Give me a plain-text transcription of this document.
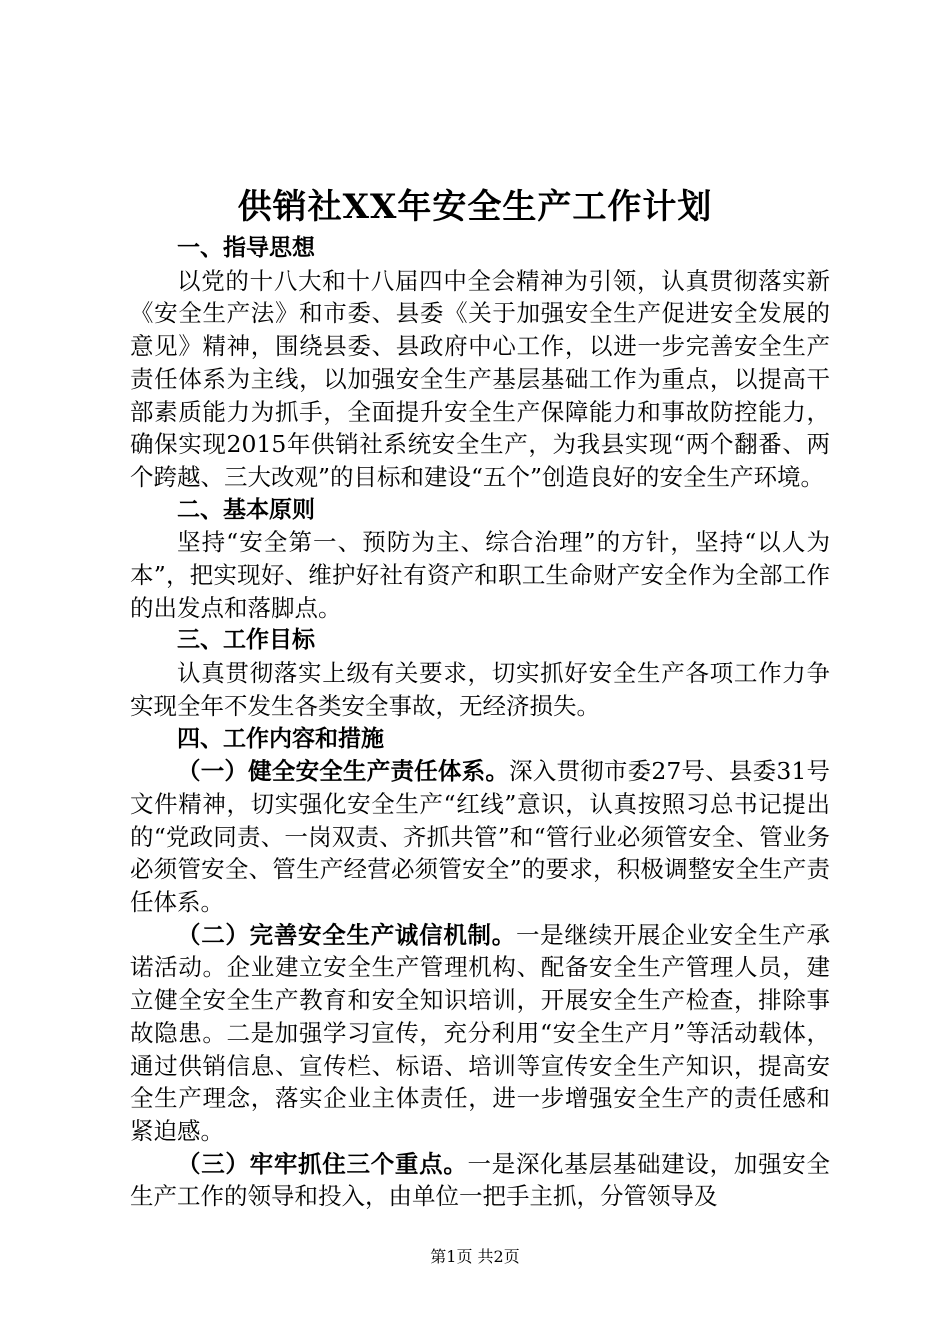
供销社XX年安全生产工作计划

一、指导思想

以党的十八大和十八届四中全会精神为引领，认真贯彻落实新《安全生产法》和市委、县委《关于加强安全生产促进安全发展的意见》精神，围绕县委、县政府中心工作，以进一步完善安全生产责任体系为主线，以加强安全生产基层基础工作为重点，以提高干部素质能力为抓手，全面提升安全生产保障能力和事故防控能力，确保实现2015年供销社系统安全生产，为我县实现“两个翻番、两个跨越、三大改观”的目标和建设“五个”创造良好的安全生产环境。

二、基本原则

坚持“安全第一、预防为主、综合治理”的方针，坚持“以人为本”，把实现好、维护好社有资产和职工生命财产安全作为全部工作的出发点和落脚点。

三、工作目标

认真贯彻落实上级有关要求，切实抓好安全生产各项工作力争实现全年不发生各类安全事故，无经济损失。

四、工作内容和措施

（一）健全安全生产责任体系。深入贯彻市委27号、县委31号文件精神，切实强化安全生产“红线”意识，认真按照习总书记提出的“党政同责、一岗双责、齐抓共管”和“管行业必须管安全、管业务必须管安全、管生产经营必须管安全”的要求，积极调整安全生产责任体系。

（二）完善安全生产诚信机制。一是继续开展企业安全生产承诺活动。企业建立安全生产管理机构、配备安全生产管理人员，建立健全安全生产教育和安全知识培训，开展安全生产检查，排除事故隐患。二是加强学习宣传，充分利用“安全生产月”等活动载体，通过供销信息、宣传栏、标语、培训等宣传安全生产知识，提高安全生产理念，落实企业主体责任，进一步增强安全生产的责任感和紧迫感。

（三）牢牢抓住三个重点。一是深化基层基础建设，加强安全生产工作的领导和投入，由单位一把手主抓，分管领导及

第1页 共2页
